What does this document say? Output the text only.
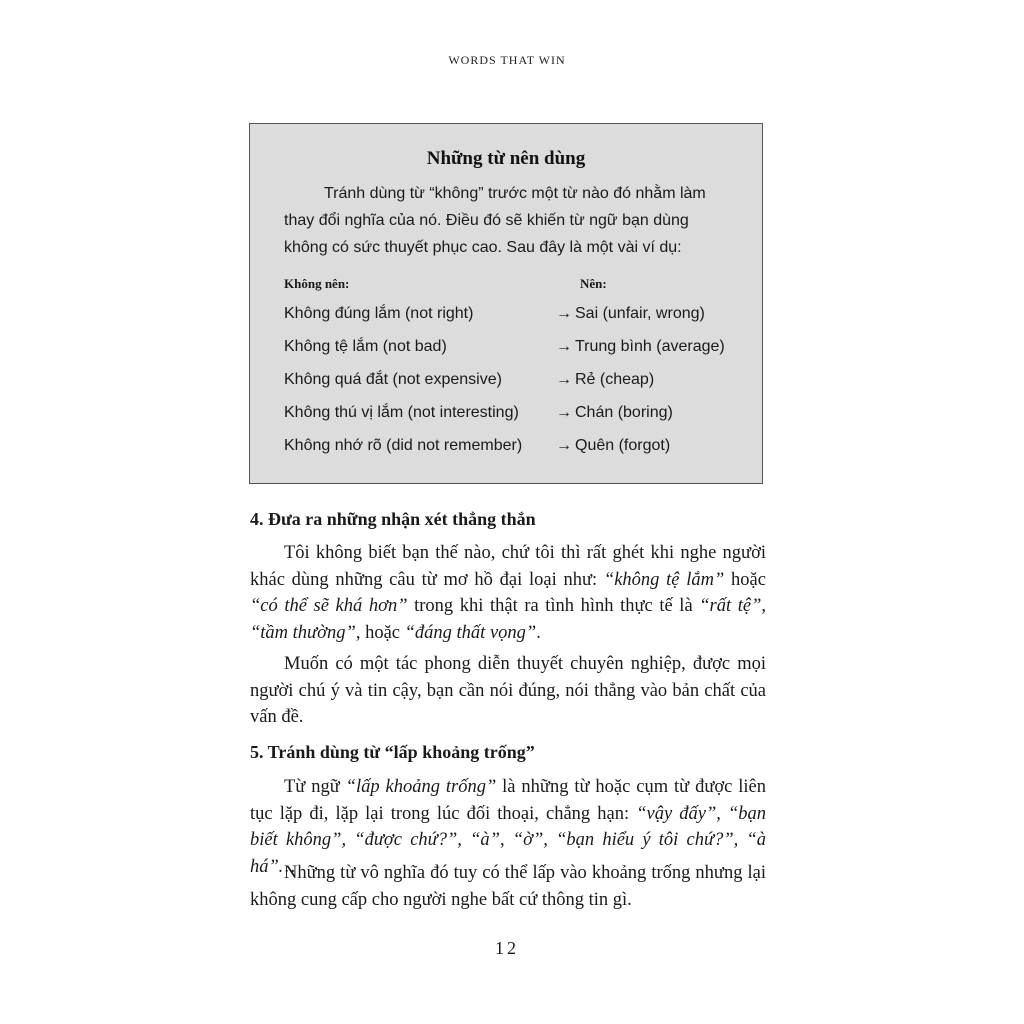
WORDS THAT WIN
Những từ nên dùng

Tránh dùng từ “không” trước một từ nào đó nhằm làm thay đổi nghĩa của nó. Điều đó sẽ khiến từ ngữ bạn dùng không có sức thuyết phục cao. Sau đây là một vài ví dụ:

Không nên:	Nên:
Không đúng lắm (not right)	→ Sai (unfair, wrong)
Không tệ lắm (not bad)	→ Trung bình (average)
Không quá đắt (not expensive)	→ Rẻ (cheap)
Không thú vị lắm (not interesting) → Chán (boring)
Không nhớ rõ (did not remember) → Quên (forgot)
4. Đưa ra những nhận xét thẳng thắn

Tôi không biết bạn thế nào, chứ tôi thì rất ghét khi nghe người khác dùng những câu từ mơ hồ đại loại như: “không tệ lắm” hoặc “có thể sẽ khá hơn” trong khi thật ra tình hình thực tế là “rất tệ”, “tầm thường”, hoặc “đáng thất vọng”.

Muốn có một tác phong diễn thuyết chuyên nghiệp, được mọi người chú ý và tin cậy, bạn cần nói đúng, nói thẳng vào bản chất của vấn đề.

5. Tránh dùng từ “lấp khoảng trống”

Từ ngữ “lấp khoảng trống” là những từ hoặc cụm từ được liên tục lặp đi, lặp lại trong lúc đối thoại, chẳng hạn: “vậy đấy”, “bạn biết không”, “được chứ?”, “à”, “ờ”, “bạn hiểu ý tôi chứ?”, “à há”…

Những từ vô nghĩa đó tuy có thể lấp vào khoảng trống nhưng lại không cung cấp cho người nghe bất cứ thông tin gì.

12
